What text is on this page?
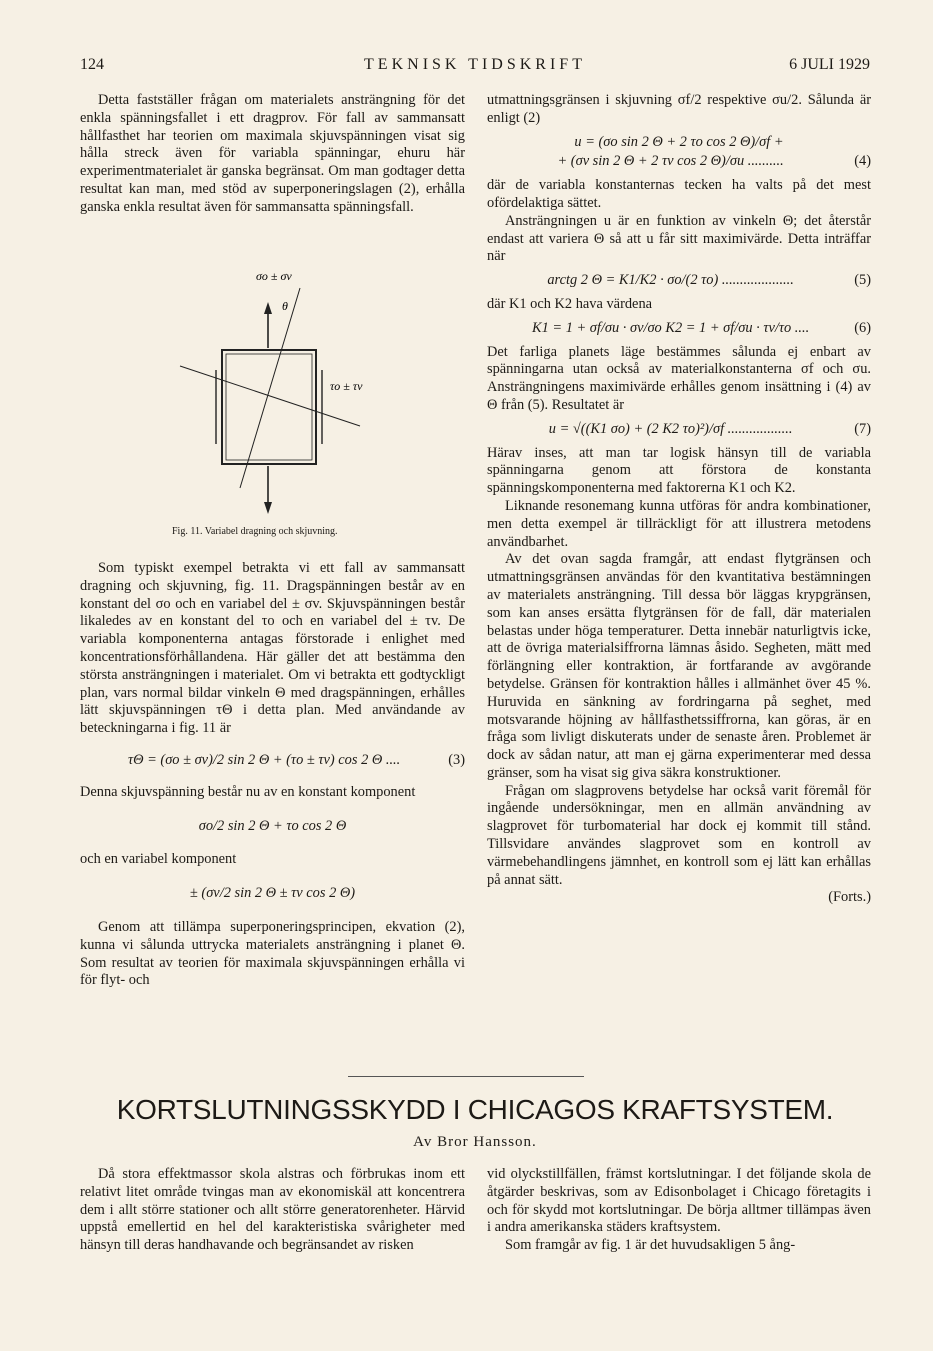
124	TEKNISK TIDSKRIFT	6 JULI 1929

Detta fastställer frågan om materialets ansträngning för det enkla spänningsfallet i ett dragprov. För fall av sammansatt hållfasthet har teorien om maximala skjuvspänningen visat sig hålla streck även för variabla spänningar, ehuru här experimentmaterialet är ganska begränsat. Om man godtager detta resultat kan man, med stöd av superponeringslagen (2), erhålla ganska enkla resultat även för sammansatta spänningsfall.

σo ± σv
θ
τo ± τv
Fig. 11. Variabel dragning och skjuvning.

Som typiskt exempel betrakta vi ett fall av sammansatt dragning och skjuvning, fig. 11. Dragspänningen består av en konstant del σo och en variabel del ± σv. Skjuvspänningen består likaledes av en konstant del τo och en variabel del ± τv. De variabla komponenterna antagas förstorade i enlighet med koncentrationsförhållandena. Här gäller det att bestämma den största ansträngningen i materialet. Om vi betrakta ett godtyckligt plan, vars normal bildar vinkeln Θ med dragspänningen, erhålles lätt skjuvspänningen τΘ i detta plan. Med användande av beteckningarna i fig. 11 är

τΘ = (σo ± σv)/2 sin 2 Θ + (τo ± τv) cos 2 Θ ....	(3)

Denna skjuvspänning består nu av en konstant komponent

σo/2 sin 2 Θ + τo cos 2 Θ

och en variabel komponent

± (σv/2 sin 2 Θ ± τv cos 2 Θ)

Genom att tillämpa superponeringsprincipen, ekvation (2), kunna vi sålunda uttrycka materialets ansträngning i planet Θ. Som resultat av teorien för maximala skjuvspänningen erhålla vi för flyt- och

utmattningsgränsen i skjuvning σf/2 respektive σu/2. Sålunda är enligt (2)

u = (σo sin 2 Θ + 2 τo cos 2 Θ)/σf +
+ (σv sin 2 Θ + 2 τv cos 2 Θ)/σu ..........	(4)

där de variabla konstanternas tecken ha valts på det mest ofördelaktiga sättet.

Ansträngningen u är en funktion av vinkeln Θ; det återstår endast att variera Θ så att u får sitt maximivärde. Detta inträffar när

arctg 2 Θ = K1/K2 · σo/(2 τo) ....................	(5)

där K1 och K2 hava värdena

K1 = 1 + σf/σu · σv/σo K2 = 1 + σf/σu · τv/τo ....	(6)

Det farliga planets läge bestämmes sålunda ej enbart av spänningarna utan också av materialkonstanterna σf och σu. Ansträngningens maximivärde erhålles genom insättning i (4) av Θ från (5). Resultatet är

u = √((K1 σo) + (2 K2 τo)²)/σf ..................	(7)

Härav inses, att man tar logisk hänsyn till de variabla spänningarna genom att förstora de konstanta spänningskomponenterna med faktorerna K1 och K2.

Liknande resonemang kunna utföras för andra kombinationer, men detta exempel är tillräckligt för att illustrera metodens användbarhet.

Av det ovan sagda framgår, att endast flytgränsen och utmattningsgränsen användas för den kvantitativa bestämningen av materialets ansträngning. Till dessa bör läggas krypgränsen, som kan anses ersätta flytgränsen för de fall, där materialen belastas under höga temperaturer. Detta innebär naturligtvis icke, att de övriga materialsiffrorna lämnas åsido. Segheten, mätt med förlängning eller kontraktion, är fortfarande av avgörande betydelse. Gränsen för kontraktion hålles i allmänhet över 45 %. Huruvida en sänkning av fordringarna på seghet, med motsvarande höjning av hållfasthetssiffrorna, kan göras, är en fråga som livligt diskuterats under de senaste åren. Problemet är dock av sådan natur, att man ej gärna experimenterar med dessa gränser, som ha visat sig giva säkra konstruktioner.

Frågan om slagprovens betydelse har också varit föremål för ingående undersökningar, men en allmän användning av slagprovet för turbomaterial har dock ej kommit till stånd. Tillsvidare användes slagprovet som en kontroll av värmebehandlingens jämnhet, en kontroll som ej lätt kan erhållas på annat sätt.

(Forts.)

KORTSLUTNINGSSKYDD I CHICAGOS KRAFTSYSTEM.
Av Bror Hansson.

Då stora effektmassor skola alstras och förbrukas inom ett relativt litet område tvingas man av ekonomiskäl att koncentrera dem i allt större stationer och allt större generatorenheter. Härvid uppstå emellertid en hel del karakteristiska svårigheter med hänsyn till deras handhavande och begränsandet av risken

vid olyckstillfällen, främst kortslutningar. I det följande skola de åtgärder beskrivas, som av Edisonbolaget i Chicago företagits i och för skydd mot kortslutningar. De börja alltmer tillämpas även i andra amerikanska städers kraftsystem.

Som framgår av fig. 1 är det huvudsakligen 5 ång-
